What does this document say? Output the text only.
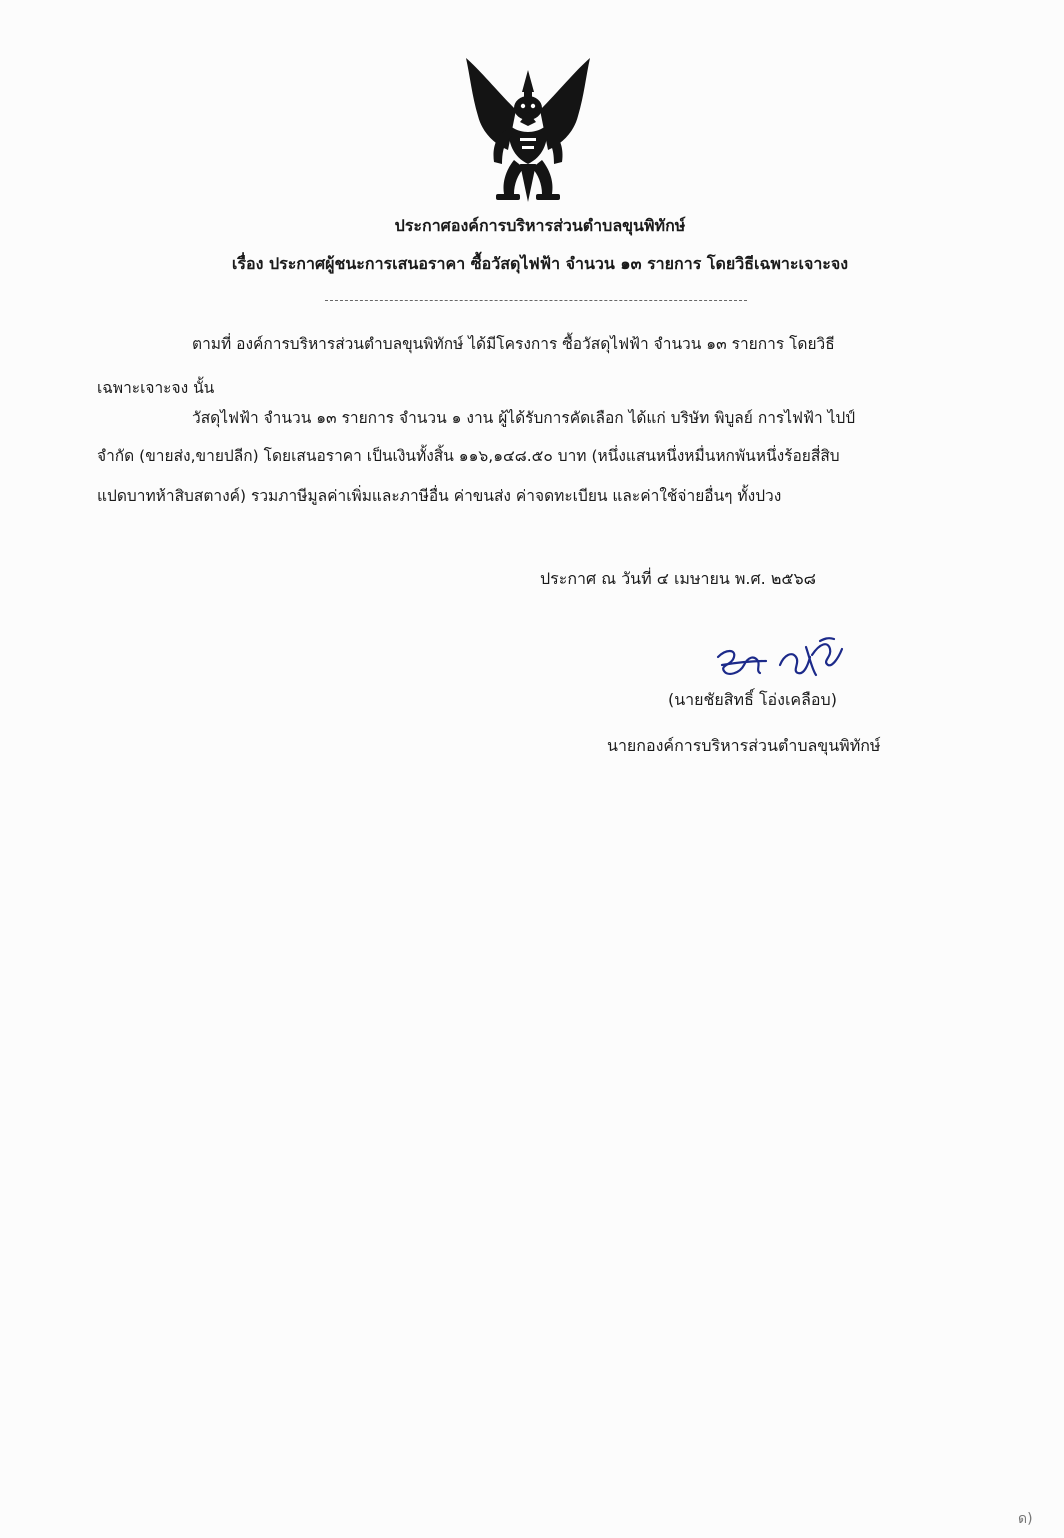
ประกาศองค์การบริหารส่วนตำบลขุนพิทักษ์
เรื่อง ประกาศผู้ชนะการเสนอราคา ซื้อวัสดุไฟฟ้า จำนวน ๑๓ รายการ โดยวิธีเฉพาะเจาะจง
ตามที่ องค์การบริหารส่วนตำบลขุนพิทักษ์ ได้มีโครงการ ซื้อวัสดุไฟฟ้า จำนวน ๑๓ รายการ โดยวิธี
เฉพาะเจาะจง นั้น
วัสดุไฟฟ้า จำนวน ๑๓ รายการ จำนวน ๑ งาน ผู้ได้รับการคัดเลือก ได้แก่ บริษัท พิบูลย์ การไฟฟ้า ไปป์
จำกัด (ขายส่ง,ขายปลีก) โดยเสนอราคา เป็นเงินทั้งสิ้น ๑๑๖,๑๔๘.๕๐ บาท (หนึ่งแสนหนึ่งหมื่นหกพันหนึ่งร้อยสี่สิบ
แปดบาทห้าสิบสตางค์) รวมภาษีมูลค่าเพิ่มและภาษีอื่น ค่าขนส่ง ค่าจดทะเบียน และค่าใช้จ่ายอื่นๆ ทั้งปวง
ประกาศ ณ วันที่ ๔ เมษายน พ.ศ. ๒๕๖๘
(นายชัยสิทธิ์ โอ่งเคลือบ)
นายกองค์การบริหารส่วนตำบลขุนพิทักษ์
ด)
